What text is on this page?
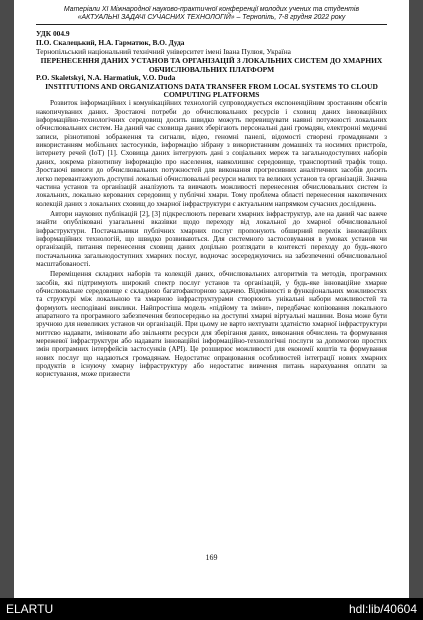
Матеріали XI Міжнародної науково-практичної конференції молодих учених та студентів
«АКТУАЛЬНІ ЗАДАЧІ СУЧАСНИХ ТЕХНОЛОГІЙ» – Тернопіль, 7-8 грудня 2022 року
УДК 004.9
П.О. Скалецький, Н.А. Гарматюк, В.О. Дуда
Тернопільський національний технічний університет імені Івана Пулюя, Україна
ПЕРЕНЕСЕННЯ ДАНИХ УСТАНОВ ТА ОРГАНІЗАЦІЙ З ЛОКАЛЬНИХ СИСТЕМ ДО ХМАРНИХ ОБЧИСЛЮВАЛЬНИХ ПЛАТФОРМ
P.O. Skaletskyi, N.A. Harmatiuk, V.O. Duda
INSTITUTIONS AND ORGANIZATIONS DATA TRANSFER FROM LOCAL SYSTEMS TO CLOUD COMPUTING PLATFORMS

Розвиток інформаційних і комунікаційних технологій супроводжується експоненційним зростанням обсягів накопичуваних даних. Зростаючі потреби до обчислювальних ресурсів і сховищ даних інноваційних інформаційно-технологічних середовищ досить швидко можуть перевищувати наявні потужності локальних обчислювальних систем. На даний час сховища даних зберігають персональні дані громадян, електронні медичні записи, різнотипові зображення та сигнали, відео, геномні панелі, відомості створені громадянами з використанням мобільних застосунків, інформацію зібрану з використанням домашніх та носимих пристроїв, інтернету речей (IoT) [1]. Сховища даних інтегрують дані з соціальних мереж та загальнодоступних наборів даних, зокрема різнотипну інформацію про населення, навколишнє середовище, транспортний трафік тощо. Зростаючі вимоги до обчислювальних потужностей для виконання прогресивних аналітичних засобів досить легко перевантажують доступні локальні обчислювальні ресурси малих та великих установ та організацій. Значна частина установ та організацій аналізують та вивчають можливості перенесення обчислювальних систем із локальних, локально керованих середовищ у публічні хмари. Тому проблема області перенесення накопичених колекцій даних з локальних сховищ до хмарної інфраструктури є актуальним напрямком сучасних досліджень.

Автори наукових публікацій [2], [3] підкреслюють переваги хмарних інфраструктур, але на даний час важче знайти опубліковані узагальнені вказівки щодо переходу від локальної до хмарної обчислювальної інфраструктури. Постачальники публічних хмарних послуг пропонують обширний перелік інноваційних інформаційних технологій, що швидко розвиваються. Для системного застосовування в умовах установ чи організацій, питання перенесення сховищ даних доцільно розглядати в контексті переходу до будь-якого постачальника загальнодоступних хмарних послуг, водночас зосереджуючись на забезпеченні обчислювальної масштабованості.

Переміщення складних наборів та колекцій даних, обчислювальних алгоритмів та методів, програмних засобів, які підтримують широкий спектр послуг установ та організацій, у будь-яке інноваційне хмарне обчислювальне середовище є складною багатофакторною задачею. Відмінності в функціональних можливостях та структурі між локальною та хмарною інфраструктурами створюють унікальні набори можливостей та формують несподівані виклики. Найпростіша модель «підйому та зміни», передбачає копіювання локального апаратного та програмного забезпечення безпосередньо на доступні хмарні віртуальні машини. Вона може бути зручною для невеликих установ чи організацій. При цьому не варто нехтувати здатністю хмарної інфраструктури миттєво надавати, змінювати або звільняти ресурси для зберігання даних, виконання обчислень та формування мережевої інфраструктури або надавати інноваційні інформаційно-технологічні послуги за допомогою простих змін програмних інтерфейсів застосунків (API). Це розширює можливості для економії коштів та формування нових послуг що надаються громадянам. Недостатнє опрацювання особливостей інтеграції нових хмарних продуктів в існуючу хмарну інфраструктуру або недостатнє вивчення питань нарахування оплати за користування, може призвести

169
ELARTU	hdl:lib/40604
